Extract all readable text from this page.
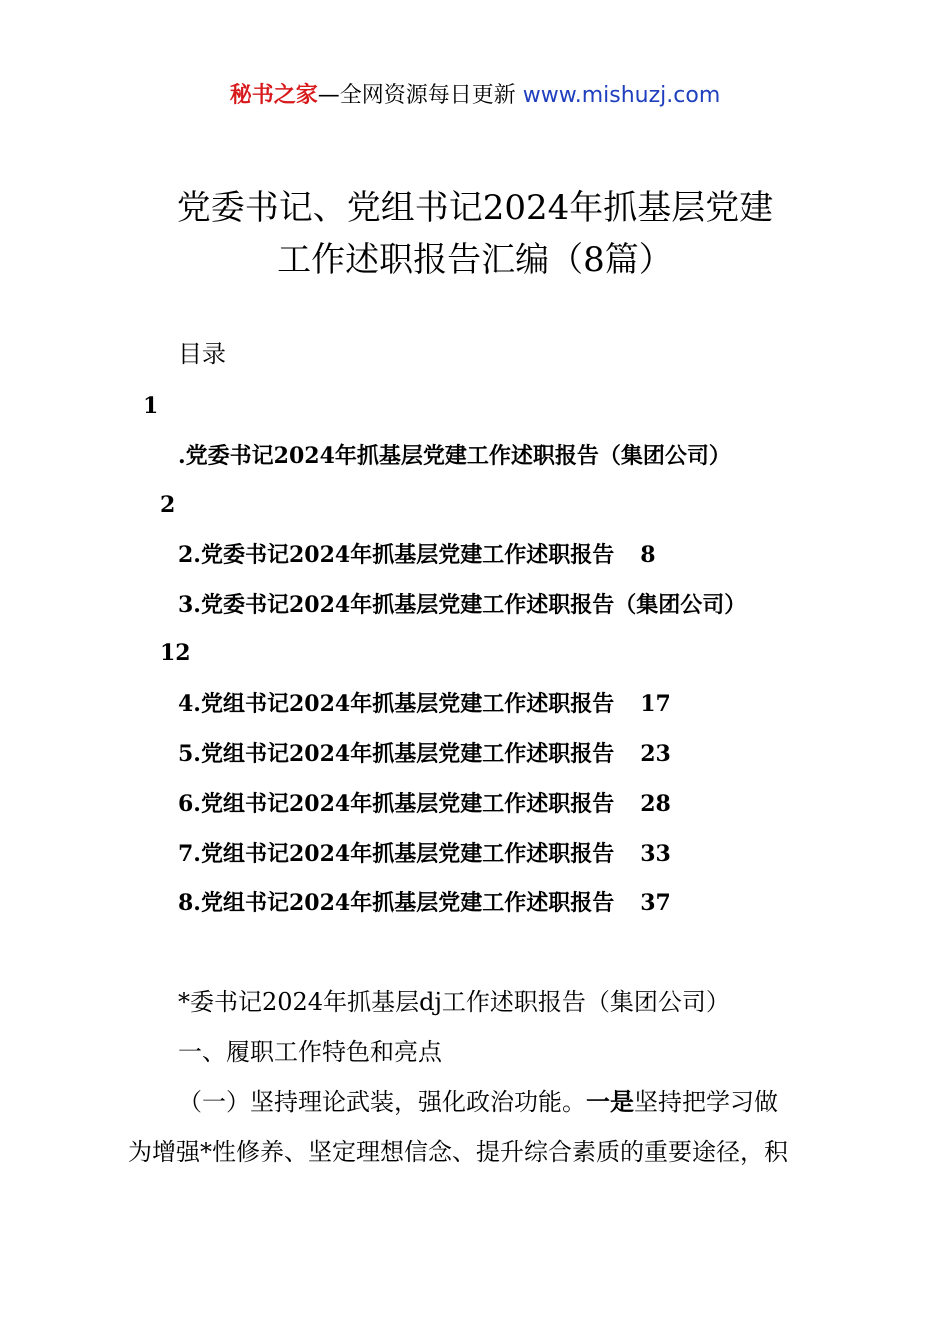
秘书之家—全网资源每日更新 www.mishuzj.com
党委书记、党组书记2024年抓基层党建
工作述职报告汇编（8篇）
目录
1
.党委书记2024年抓基层党建工作述职报告（集团公司）
2
2.党委书记2024年抓基层党建工作述职报告 8
3.党委书记2024年抓基层党建工作述职报告（集团公司）
12
4.党组书记2024年抓基层党建工作述职报告 17
5.党组书记2024年抓基层党建工作述职报告 23
6.党组书记2024年抓基层党建工作述职报告 28
7.党组书记2024年抓基层党建工作述职报告 33
8.党组书记2024年抓基层党建工作述职报告 37
*委书记2024年抓基层dj工作述职报告（集团公司）
一、履职工作特色和亮点
（一）坚持理论武装，强化政治功能。一是坚持把学习做
为增强*性修养、坚定理想信念、提升综合素质的重要途径，积
